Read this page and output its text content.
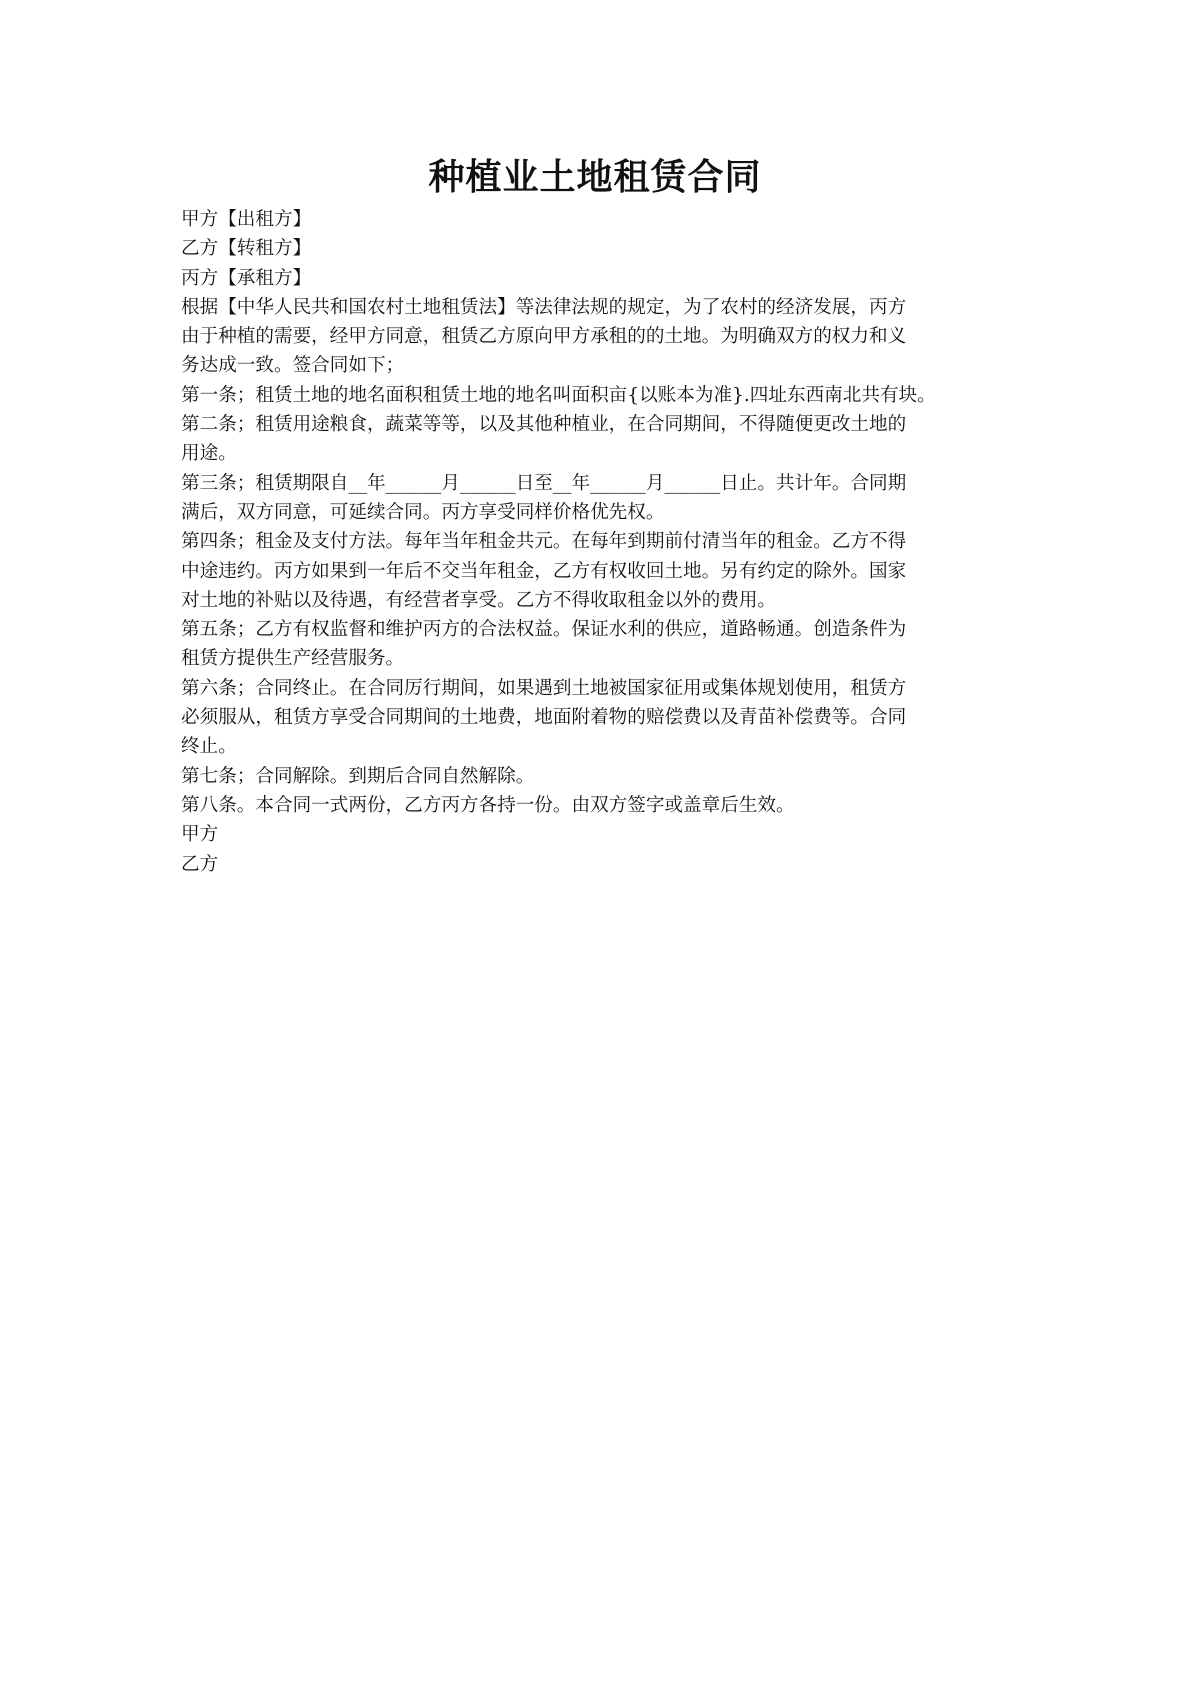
种植业土地租赁合同
甲方【出租方】
乙方【转租方】
丙方【承租方】
根据【中华人民共和国农村土地租赁法】等法律法规的规定，为了农村的经济发展，丙方
由于种植的需要，经甲方同意，租赁乙方原向甲方承租的的土地。为明确双方的权力和义
务达成一致。签合同如下；
第一条；租赁土地的地名面积租赁土地的地名叫面积亩{以账本为准}.四址东西南北共有块。
第二条；租赁用途粮食，蔬菜等等，以及其他种植业，在合同期间，不得随便更改土地的
用途。
第三条；租赁期限自__年______月______日至__年______月______日止。共计年。合同期
满后，双方同意，可延续合同。丙方享受同样价格优先权。
第四条；租金及支付方法。每年当年租金共元。在每年到期前付清当年的租金。乙方不得
中途违约。丙方如果到一年后不交当年租金，乙方有权收回土地。另有约定的除外。国家
对土地的补贴以及待遇，有经营者享受。乙方不得收取租金以外的费用。
第五条；乙方有权监督和维护丙方的合法权益。保证水利的供应，道路畅通。创造条件为
租赁方提供生产经营服务。
第六条；合同终止。在合同厉行期间，如果遇到土地被国家征用或集体规划使用，租赁方
必须服从，租赁方享受合同期间的土地费，地面附着物的赔偿费以及青苗补偿费等。合同
终止。
第七条；合同解除。到期后合同自然解除。
第八条。本合同一式两份，乙方丙方各持一份。由双方签字或盖章后生效。
甲方
乙方
